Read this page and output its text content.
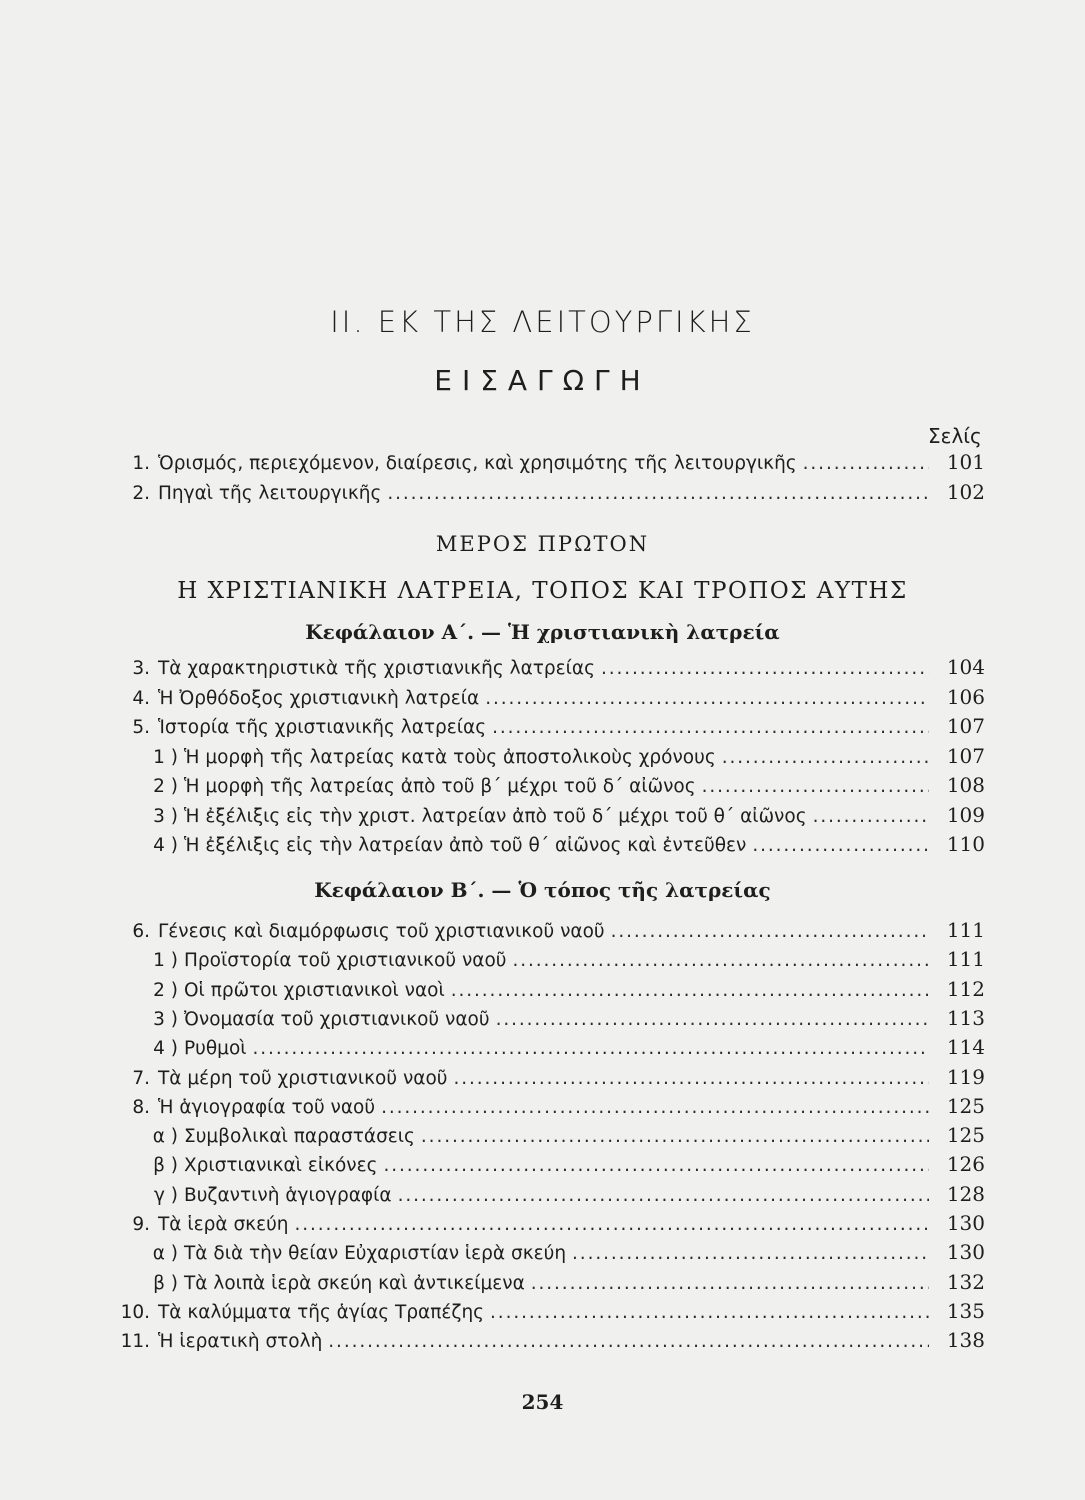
II. ΕΚ ΤΗΣ ΛΕΙΤΟΥΡΓΙΚΗΣ
ΕΙΣΑΓΩΓΗ
Σελίς
1. Ὁρισμός, περιεχόμενον, διαίρεσις, καὶ χρησιμότης τῆς λειτουργικῆς . . .	101
2. Πηγαὶ τῆς λειτουργικῆς . . .	102
ΜΕΡΟΣ ΠΡΩΤΟΝ
Η ΧΡΙΣΤΙΑΝΙΚΗ ΛΑΤΡΕΙΑ, ΤΟΠΟΣ ΚΑΙ ΤΡΟΠΟΣ ΑΥΤΗΣ
Κεφάλαιον Α΄. — Ἡ χριστιανικὴ λατρεία
3. Τὰ χαρακτηριστικὰ τῆς χριστιανικῆς λατρείας . . .	104
4. Ἡ Ὀρθόδοξος χριστιανικὴ λατρεία . . .	106
5. Ἱστορία τῆς χριστιανικῆς λατρείας . . .	107
1 ) Ἡ μορφὴ τῆς λατρείας κατὰ τοὺς ἀποστολικοὺς χρόνους . . .	107
2 ) Ἡ μορφὴ τῆς λατρείας ἀπὸ τοῦ β΄ μέχρι τοῦ δ΄ αἰῶνος . . .	108
3 ) Ἡ ἐξέλιξις εἰς τὴν χριστ. λατρείαν ἀπὸ τοῦ δ΄ μέχρι τοῦ θ΄ αἰῶνος . . .	109
4 ) Ἡ ἐξέλιξις εἰς τὴν λατρείαν ἀπὸ τοῦ θ΄ αἰῶνος καὶ ἐντεῦθεν . . .	110
Κεφάλαιον Β΄. — Ὁ τόπος τῆς λατρείας
6. Γένεσις καὶ διαμόρφωσις τοῦ χριστιανικοῦ ναοῦ . . .	111
1 ) Προϊστορία τοῦ χριστιανικοῦ ναοῦ . . .	111
2 ) Οἱ πρῶτοι χριστιανικοὶ ναοὶ . . .	112
3 ) Ὀνομασία τοῦ χριστιανικοῦ ναοῦ . . .	113
4 ) Ρυθμοὶ . . .	114
7. Τὰ μέρη τοῦ χριστιανικοῦ ναοῦ . . .	119
8. Ἡ ἁγιογραφία τοῦ ναοῦ . . .	125
α ) Συμβολικαὶ παραστάσεις . . .	125
β ) Χριστιανικαὶ εἰκόνες . . .	126
γ ) Βυζαντινὴ ἁγιογραφία . . .	128
9. Τὰ ἱερὰ σκεύη . . .	130
α ) Τὰ διὰ τὴν θείαν Εὐχαριστίαν ἱερὰ σκεύη . . .	130
β ) Τὰ λοιπὰ ἱερὰ σκεύη καὶ ἀντικείμενα . . .	132
10. Τὰ καλύμματα τῆς ἁγίας Τραπέζης . . .	135
11. Ἡ ἱερατικὴ στολὴ . . .	138
254
